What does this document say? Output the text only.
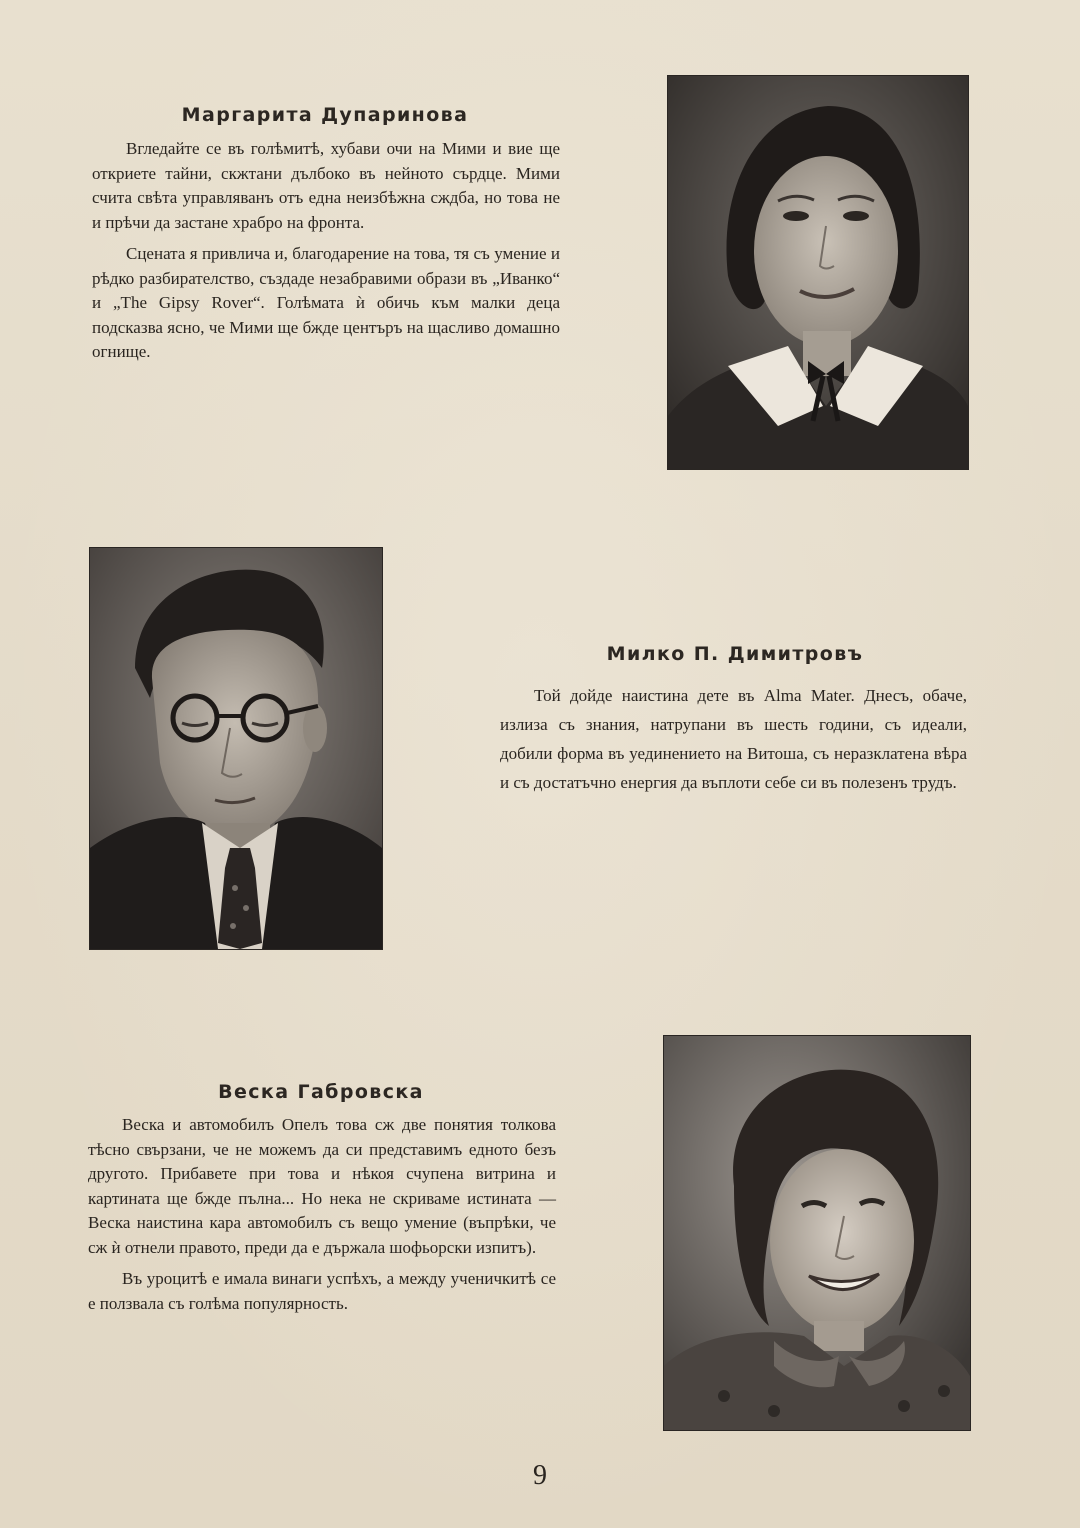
Маргарита Дупаринова

Вгледайте се въ голѣмитѣ, хубави очи на Мими и вие ще откриете тайни, скжтани дълбоко въ нейното сърдце. Мими счита свѣта управляванъ отъ една неизбѣжна сждба, но това не и прѣчи да застане храбро на фронта.

Сцената я привлича и, благодарение на това, тя съ умение и рѣдко разбирателство, създаде незабравими образи въ „Иванко“ и „The Gipsy Rover“. Голѣмата ѝ обичь към малки деца подсказва ясно, че Мими ще бжде центъръ на щасливо домашно огнище.

Милко П. Димитровъ

Той дойде наистина дете въ Alma Mater. Днесъ, обаче, излиза съ знания, натрупани въ шесть години, съ идеали, добили форма въ уединението на Витоша, съ неразклатена вѣра и съ достатъчно енергия да въплоти себе си въ полезенъ трудъ.

Веска Габровска

Веска и автомобилъ Опелъ това сж две понятия толкова тѣсно свързани, че не можемъ да си представимъ едното безъ другото. Прибавете при това и нѣкоя счупена витрина и картината ще бжде пълна... Но нека не скриваме истината — Веска наистина кара автомобилъ съ вещо умение (въпрѣки, че сж ѝ отнели правото, преди да е държала шофьорски изпитъ).

Въ уроцитѣ е имала винаги успѣхъ, а между ученичкитѣ се е ползвала съ голѣма популярность.

9
